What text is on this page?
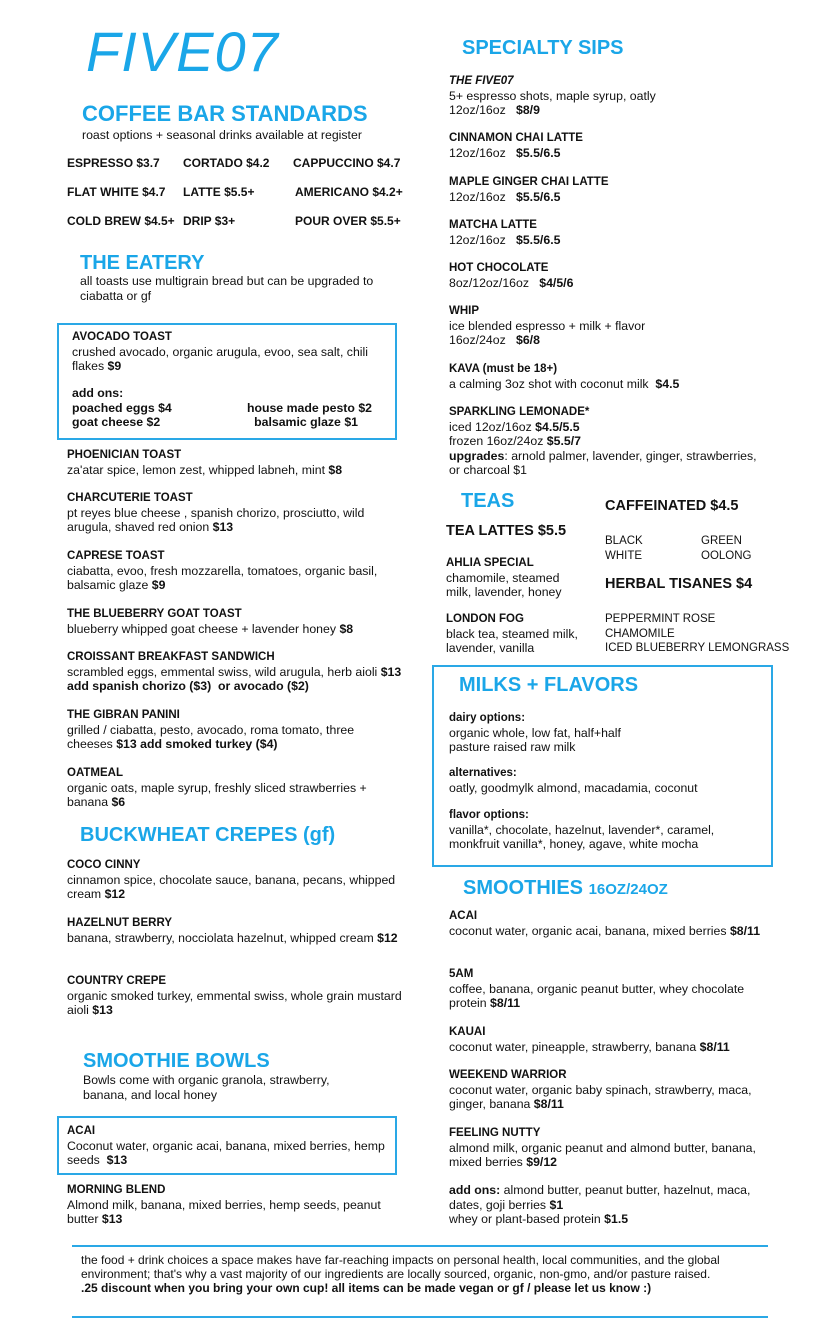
FIVE07
COFFEE BAR STANDARDS
roast options + seasonal drinks available at register
THE EATERY
all toasts use multigrain bread but can be upgraded to ciabatta or gf
AVOCADO TOAST
crushed avocado, organic arugula, evoo, sea salt, chili flakes $9
add ons:
poached eggs $4	house made pesto $2
goat cheese $2	balsamic glaze $1
BUCKWHEAT CREPES (gf)
SMOOTHIE BOWLS
Bowls come with organic granola, strawberry, banana, and local honey
SPECIALTY SIPS
TEAS
TEA LATTES $5.5
CAFFEINATED $4.5
BLACK	GREEN
WHITE	OOLONG
HERBAL TISANES $4
PEPPERMINT ROSE
CHAMOMILE
ICED BLUEBERRY LEMONGRASS
MILKS + FLAVORS
SMOOTHIES 16OZ/24OZ
the food + drink choices a space makes have far-reaching impacts on personal health, local communities, and the global environment; that's why a vast majority of our ingredients are locally sourced, organic, non-gmo, and/or pasture raised.
.25 discount when you bring your own cup! all items can be made vegan or gf / please let us know :)
ESPRESSO $3.7 CORTADO $4.2 CAPPUCCINO $4.7
FLAT WHITE $4.7 LATTE $5.5+	AMERICANO $4.2+
COLD BREW $4.5+ DRIP $3+	POUR OVER $5.5+
PHOENICIAN TOAST
za'atar spice, lemon zest, whipped labneh, mint $8
CHARCUTERIE TOAST
pt reyes blue cheese , spanish chorizo, prosciutto, wild arugula, shaved red onion $13
CAPRESE TOAST
ciabatta, evoo, fresh mozzarella, tomatoes, organic basil, balsamic glaze $9
THE BLUEBERRY GOAT TOAST
blueberry whipped goat cheese + lavender honey $8
CROISSANT BREAKFAST SANDWICH
scrambled eggs, emmental swiss, wild arugula, herb aioli $13  add spanish chorizo ($3)  or avocado ($2)
THE GIBRAN PANINI
grilled / ciabatta, pesto, avocado, roma tomato, three cheeses $13 add smoked turkey ($4)
OATMEAL
organic oats, maple syrup, freshly sliced strawberries + banana $6
COCO CINNY
cinnamon spice, chocolate sauce, banana, pecans, whipped cream $12
HAZELNUT BERRY
banana, strawberry, nocciolata hazelnut, whipped cream $12
COUNTRY CREPE
organic smoked turkey, emmental swiss, whole grain mustard aioli $13
ACAI
Coconut water, organic acai, banana, mixed berries, hemp seeds  $13
MORNING BLEND
Almond milk, banana, mixed berries, hemp seeds, peanut butter $13
THE FIVE07
5+ espresso shots, maple syrup, oatly
12oz/16oz   $8/9
CINNAMON CHAI LATTE
12oz/16oz   $5.5/6.5
MAPLE GINGER CHAI LATTE
12oz/16oz   $5.5/6.5
MATCHA LATTE
12oz/16oz   $5.5/6.5
HOT CHOCOLATE
8oz/12oz/16oz   $4/5/6
WHIP
ice blended espresso + milk + flavor
16oz/24oz   $6/8
KAVA (must be 18+)
a calming 3oz shot with coconut milk  $4.5
SPARKLING LEMONADE*
iced 12oz/16oz $4.5/5.5
frozen 16oz/24oz $5.5/7
upgrades: arnold palmer, lavender, ginger, strawberries, or charcoal $1
AHLIA SPECIAL
chamomile, steamed milk, lavender, honey
LONDON FOG
black tea, steamed milk, lavender, vanilla
dairy options:
organic whole, low fat, half+half
pasture raised raw milk
alternatives:
oatly, goodmylk almond, macadamia, coconut
flavor options:
vanilla*, chocolate, hazelnut, lavender*, caramel, monkfruit vanilla*, honey, agave, white mocha
ACAI
coconut water, organic acai, banana, mixed berries $8/11
5AM
coffee, banana, organic peanut butter, whey chocolate protein $8/11
KAUAI
coconut water, pineapple, strawberry, banana $8/11
WEEKEND WARRIOR
coconut water, organic baby spinach, strawberry, maca, ginger, banana $8/11
FEELING NUTTY
almond milk, organic peanut and almond butter, banana, mixed berries $9/12
add ons: almond butter, peanut butter, hazelnut, maca, dates, goji berries $1
whey or plant-based protein $1.5
